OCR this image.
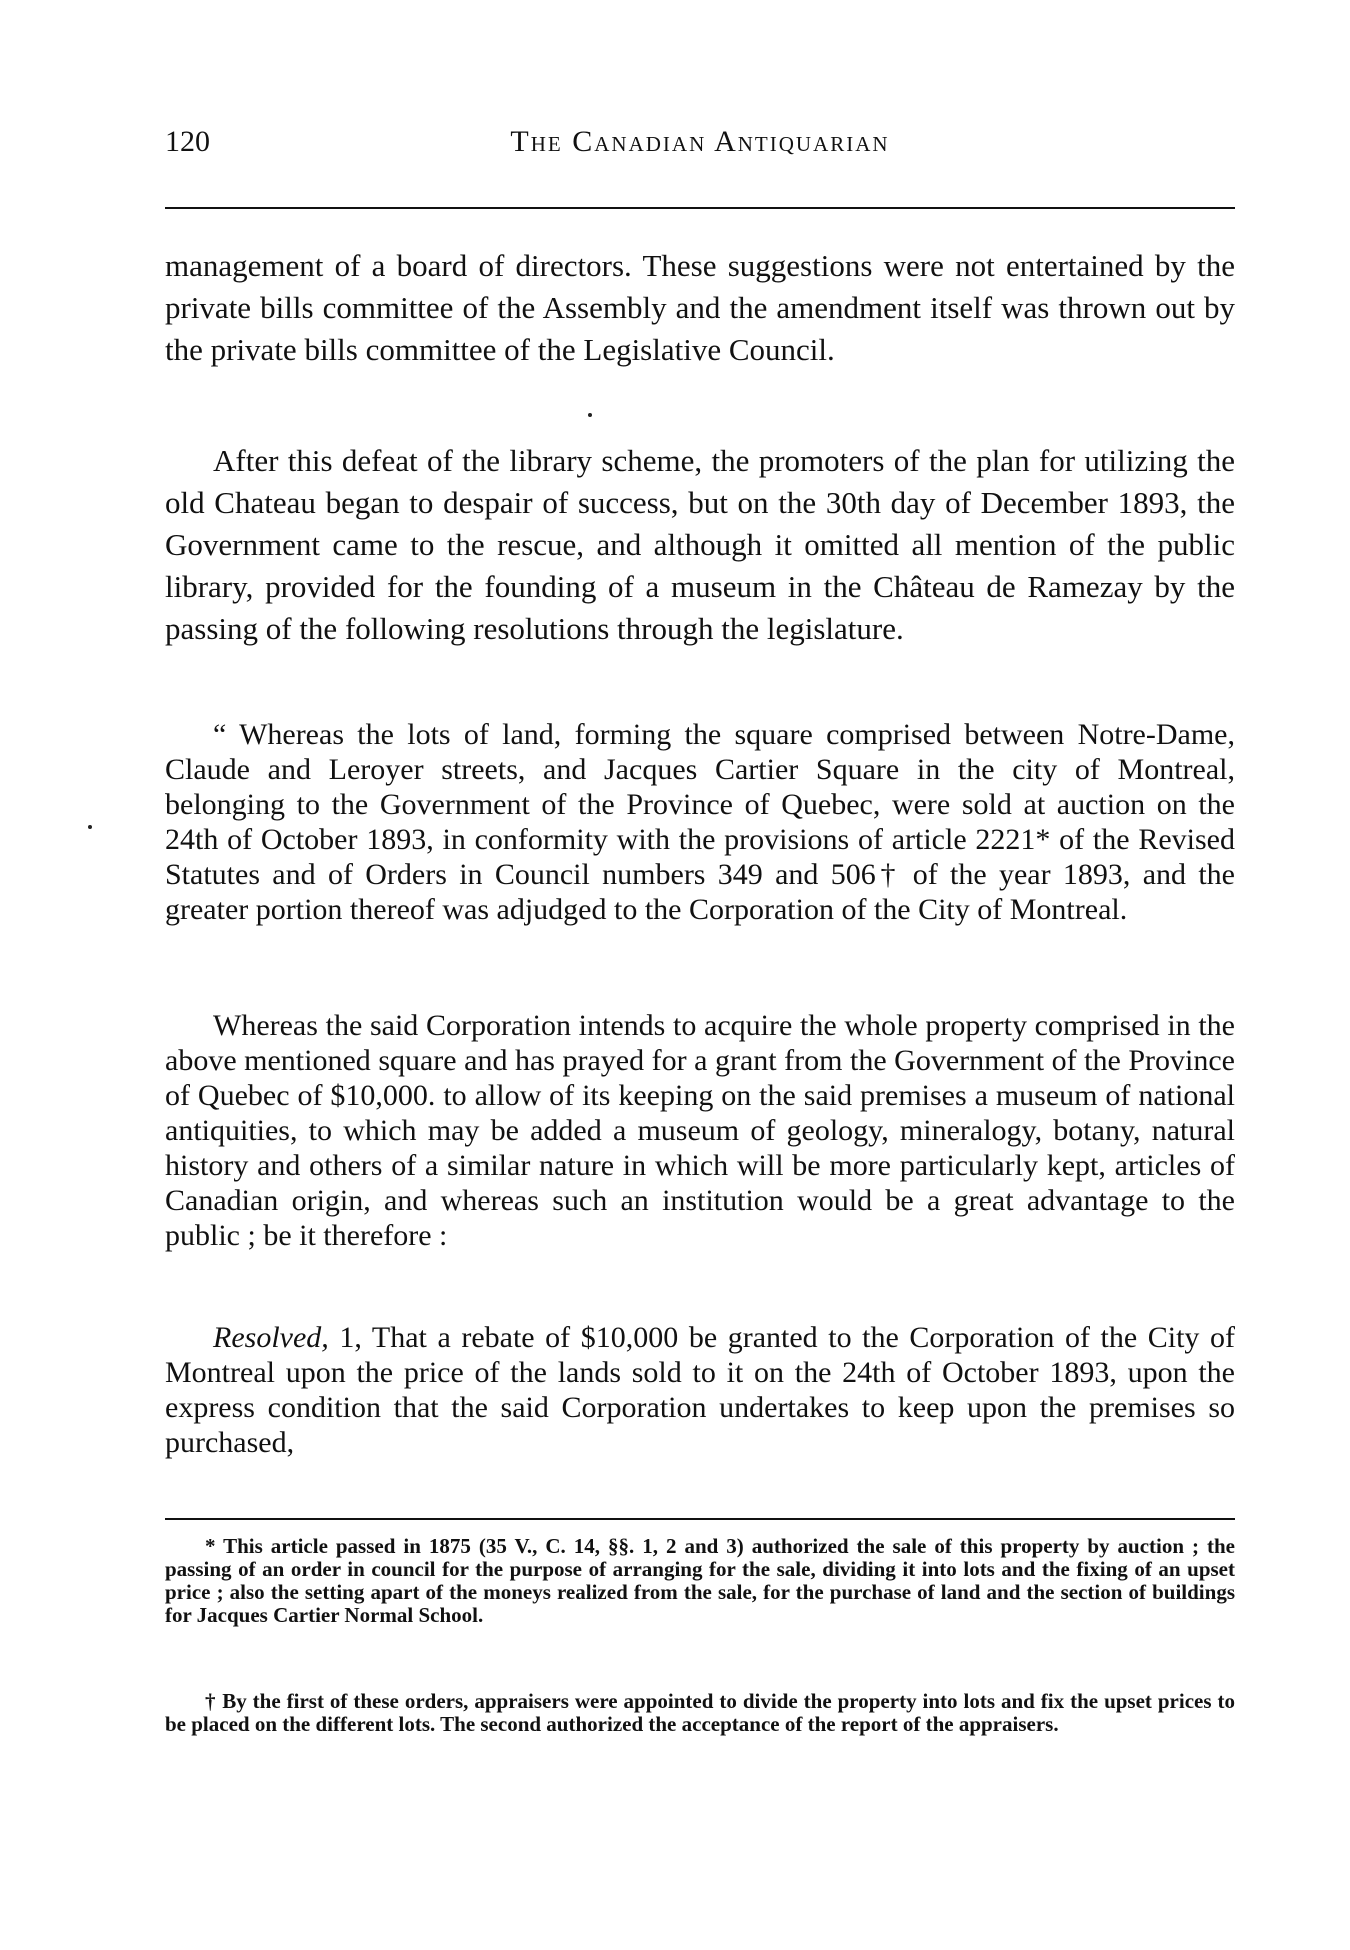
120	The Canadian Antiquarian

management of a board of directors. These suggestions were not entertained by the private bills committee of the Assembly and the amendment itself was thrown out by the private bills committee of the Legislative Council.

After this defeat of the library scheme, the promoters of the plan for utilizing the old Chateau began to despair of success, but on the 30th day of December 1893, the Government came to the rescue, and although it omitted all mention of the public library, provided for the founding of a museum in the Château de Ramezay by the passing of the following resolutions through the legislature.

“ Whereas the lots of land, forming the square comprised between Notre-Dame, Claude and Leroyer streets, and Jacques Cartier Square in the city of Montreal, belonging to the Government of the Province of Quebec, were sold at auction on the 24th of October 1893, in conformity with the provisions of article 2221* of the Revised Statutes and of Orders in Council numbers 349 and 506† of the year 1893, and the greater portion thereof was adjudged to the Corporation of the City of Montreal.

Whereas the said Corporation intends to acquire the whole property comprised in the above mentioned square and has prayed for a grant from the Government of the Province of Quebec of $10,000. to allow of its keeping on the said premises a museum of national antiquities, to which may be added a museum of geology, mineralogy, botany, natural history and others of a similar nature in which will be more particularly kept, articles of Canadian origin, and whereas such an institution would be a great advantage to the public ; be it therefore :

Resolved, 1, That a rebate of $10,000 be granted to the Corporation of the City of Montreal upon the price of the lands sold to it on the 24th of October 1893, upon the express condition that the said Corporation undertakes to keep upon the premises so purchased,

* This article passed in 1875 (35 V., C. 14, §§. 1, 2 and 3) authorized the sale of this property by auction ; the passing of an order in council for the purpose of arranging for the sale, dividing it into lots and the fixing of an upset price ; also the setting apart of the moneys realized from the sale, for the purchase of land and the section of buildings for Jacques Cartier Normal School.

† By the first of these orders, appraisers were appointed to divide the property into lots and fix the upset prices to be placed on the different lots. The second authorized the acceptance of the report of the appraisers.
